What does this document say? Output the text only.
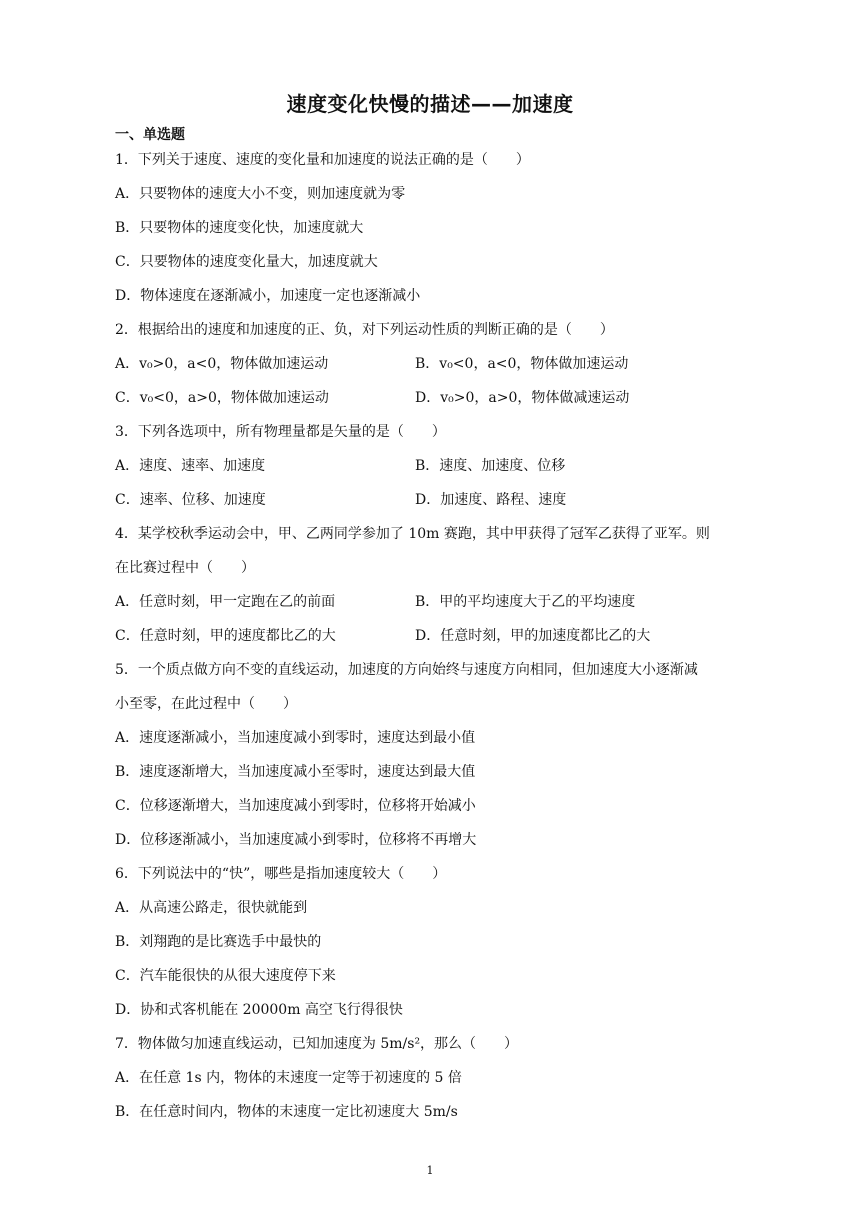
速度变化快慢的描述——加速度
一、单选题
1．下列关于速度、速度的变化量和加速度的说法正确的是（　　）
A．只要物体的速度大小不变，则加速度就为零
B．只要物体的速度变化快，加速度就大
C．只要物体的速度变化量大，加速度就大
D．物体速度在逐渐减小，加速度一定也逐渐减小
2．根据给出的速度和加速度的正、负，对下列运动性质的判断正确的是（　　）
A．v₀>0，a<0，物体做加速运动	B．v₀<0，a<0，物体做加速运动
C．v₀<0，a>0，物体做加速运动	D．v₀>0，a>0，物体做减速运动
3．下列各选项中，所有物理量都是矢量的是（　　）
A．速度、速率、加速度	B．速度、加速度、位移
C．速率、位移、加速度	D．加速度、路程、速度
4．某学校秋季运动会中，甲、乙两同学参加了 10m 赛跑，其中甲获得了冠军乙获得了亚军。则
在比赛过程中（　　）
A．任意时刻，甲一定跑在乙的前面	B．甲的平均速度大于乙的平均速度
C．任意时刻，甲的速度都比乙的大	D．任意时刻，甲的加速度都比乙的大
5．一个质点做方向不变的直线运动，加速度的方向始终与速度方向相同，但加速度大小逐渐减
小至零，在此过程中（　　）
A．速度逐渐减小，当加速度减小到零时，速度达到最小值
B．速度逐渐增大，当加速度减小至零时，速度达到最大值
C．位移逐渐增大，当加速度减小到零时，位移将开始减小
D．位移逐渐减小，当加速度减小到零时，位移将不再增大
6．下列说法中的“快”，哪些是指加速度较大（　　）
A．从高速公路走，很快就能到
B．刘翔跑的是比赛选手中最快的
C．汽车能很快的从很大速度停下来
D．协和式客机能在 20000m 高空飞行得很快
7．物体做匀加速直线运动，已知加速度为 5m/s²，那么（　　）
A．在任意 1s 内，物体的末速度一定等于初速度的 5 倍
B．在任意时间内，物体的末速度一定比初速度大 5m/s
1
